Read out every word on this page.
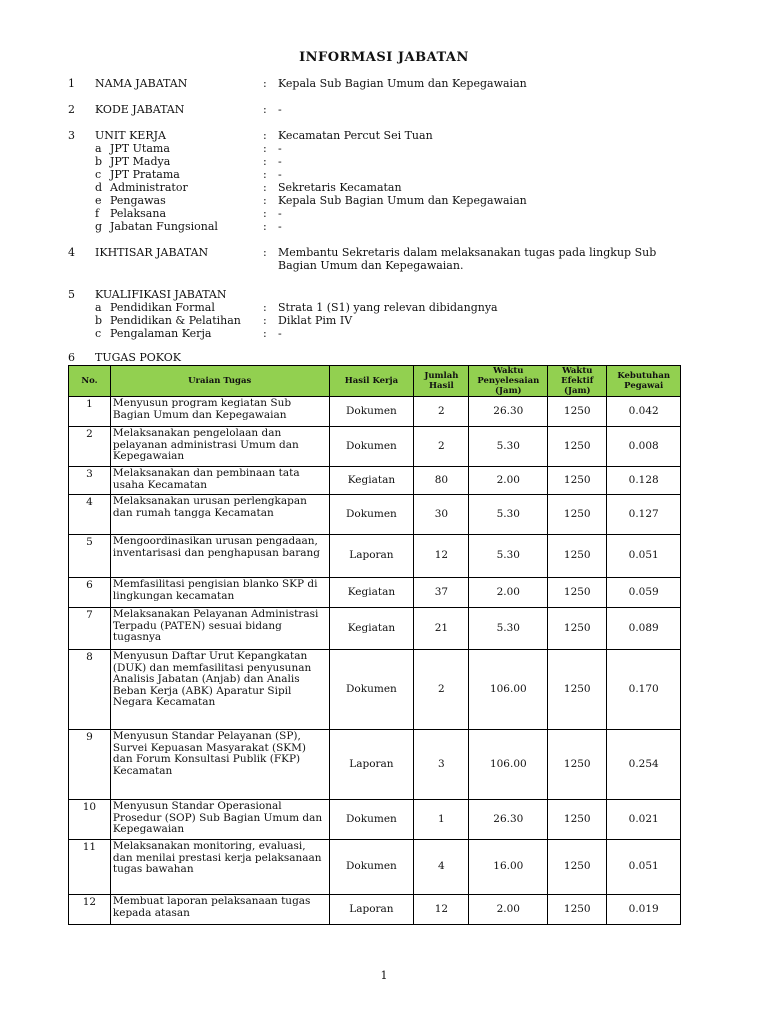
INFORMASI JABATAN
1 NAMA JABATAN	: Kepala Sub Bagian Umum dan Kepegawaian
2 KODE JABATAN	: -
3 UNIT KERJA	: Kecamatan Percut Sei Tuan
a JPT Utama	: -
b JPT Madya	: -
c JPT Pratama	: -
d Administrator	: Sekretaris Kecamatan
e Pengawas	: Kepala Sub Bagian Umum dan Kepegawaian
f Pelaksana	: -
g Jabatan Fungsional	: -
4 IKHTISAR JABATAN	: Membantu Sekretaris dalam melaksanakan tugas pada lingkup Sub Bagian Umum dan Kepegawaian.
5 KUALIFIKASI JABATAN
a Pendidikan Formal	: Strata 1 (S1) yang relevan dibidangnya
b Pendidikan & Pelatihan : Diklat Pim IV
c Pengalaman Kerja	: -
6 TUGAS POKOK
No.	Uraian Tugas	Hasil Kerja	Jumlah Hasil	Waktu Penyelesaian (Jam)	Waktu Efektif (Jam)	Kebutuhan Pegawai
1	Menyusun program kegiatan Sub Bagian Umum dan Kepegawaian	Dokumen	2	26.30	1250	0.042
2	Melaksanakan pengelolaan dan pelayanan administrasi Umum dan Kepegawaian	Dokumen	2	5.30	1250	0.008
3	Melaksanakan dan pembinaan tata usaha Kecamatan	Kegiatan	80	2.00	1250	0.128
4	Melaksanakan urusan perlengkapan dan rumah tangga Kecamatan	Dokumen	30	5.30	1250	0.127
5	Mengoordinasikan urusan pengadaan, inventarisasi dan penghapusan barang	Laporan	12	5.30	1250	0.051
6	Memfasilitasi pengisian blanko SKP di lingkungan kecamatan	Kegiatan	37	2.00	1250	0.059
7	Melaksanakan Pelayanan Administrasi Terpadu (PATEN) sesuai bidang tugasnya	Kegiatan	21	5.30	1250	0.089
8	Menyusun Daftar Urut Kepangkatan (DUK) dan memfasilitasi penyusunan Analisis Jabatan (Anjab) dan Analis Beban Kerja (ABK) Aparatur Sipil Negara Kecamatan	Dokumen	2	106.00	1250	0.170
9	Menyusun Standar Pelayanan (SP), Survei Kepuasan Masyarakat (SKM) dan Forum Konsultasi Publik (FKP) Kecamatan	Laporan	3	106.00	1250	0.254
10	Menyusun Standar Operasional Prosedur (SOP) Sub Bagian Umum dan Kepegawaian	Dokumen	1	26.30	1250	0.021
11	Melaksanakan monitoring, evaluasi, dan menilai prestasi kerja pelaksanaan tugas bawahan	Dokumen	4	16.00	1250	0.051
12	Membuat laporan pelaksanaan tugas kepada atasan	Laporan	12	2.00	1250	0.019
1
